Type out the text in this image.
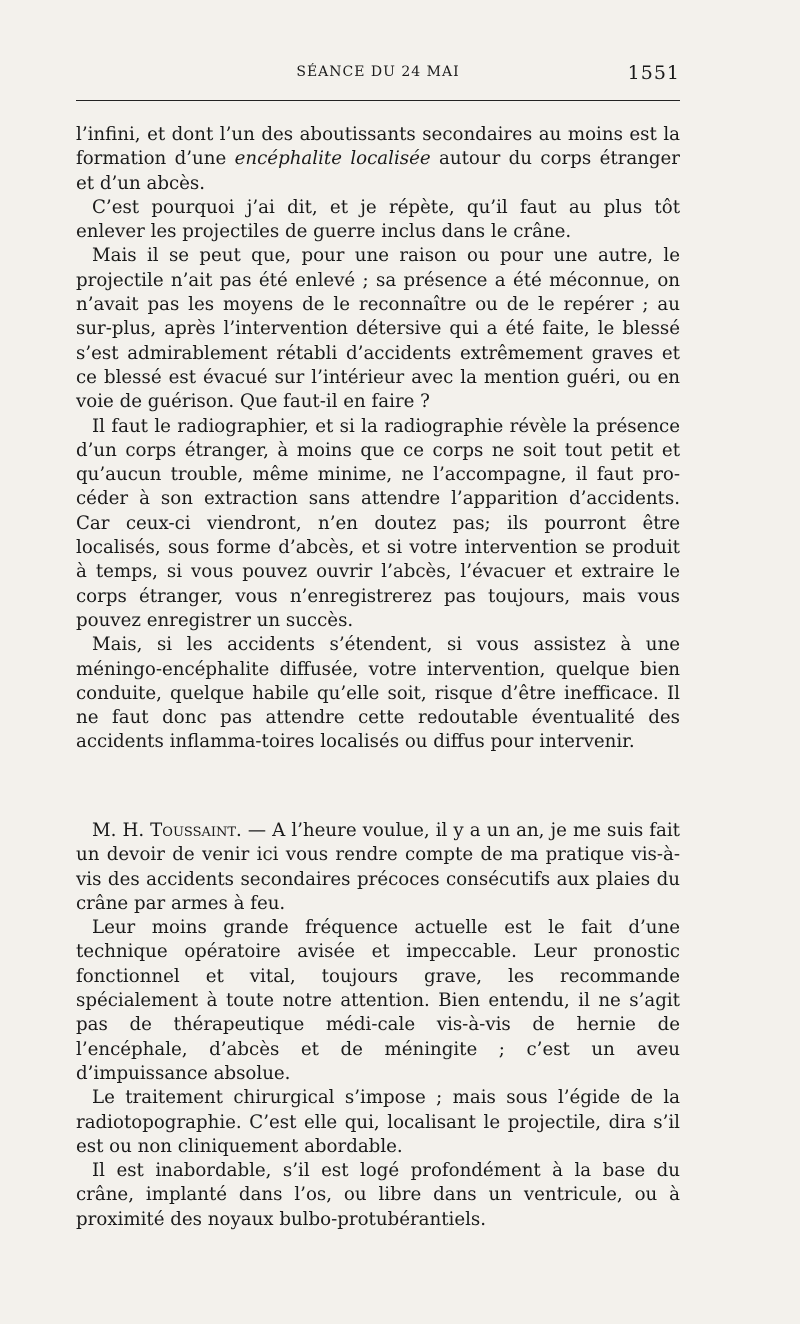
SÉANCE DU 24 MAI	1551

l’infini, et dont l’un des aboutissants secondaires au moins est la formation d’une encéphalite localisée autour du corps étranger et d’un abcès.

C’est pourquoi j’ai dit, et je répète, qu’il faut au plus tôt enlever les projectiles de guerre inclus dans le crâne.

Mais il se peut que, pour une raison ou pour une autre, le projectile n’ait pas été enlevé ; sa présence a été méconnue, on n’avait pas les moyens de le reconnaître ou de le repérer ; au sur-plus, après l’intervention détersive qui a été faite, le blessé s’est admirablement rétabli d’accidents extrêmement graves et ce blessé est évacué sur l’intérieur avec la mention guéri, ou en voie de guérison. Que faut-il en faire ?

Il faut le radiographier, et si la radiographie révèle la présence d’un corps étranger, à moins que ce corps ne soit tout petit et qu’aucun trouble, même minime, ne l’accompagne, il faut pro-céder à son extraction sans attendre l’apparition d’accidents. Car ceux-ci viendront, n’en doutez pas; ils pourront être localisés, sous forme d’abcès, et si votre intervention se produit à temps, si vous pouvez ouvrir l’abcès, l’évacuer et extraire le corps étranger, vous n’enregistrerez pas toujours, mais vous pouvez enregistrer un succès.

Mais, si les accidents s’étendent, si vous assistez à une méningo-encéphalite diffusée, votre intervention, quelque bien conduite, quelque habile qu’elle soit, risque d’être inefficace. Il ne faut donc pas attendre cette redoutable éventualité des accidents inflamma-toires localisés ou diffus pour intervenir.

M. H. Toussaint. — A l’heure voulue, il y a un an, je me suis fait un devoir de venir ici vous rendre compte de ma pratique vis-à-vis des accidents secondaires précoces consécutifs aux plaies du crâne par armes à feu.

Leur moins grande fréquence actuelle est le fait d’une technique opératoire avisée et impeccable. Leur pronostic fonctionnel et vital, toujours grave, les recommande spécialement à toute notre attention. Bien entendu, il ne s’agit pas de thérapeutique médi-cale vis-à-vis de hernie de l’encéphale, d’abcès et de méningite ; c’est un aveu d’impuissance absolue.

Le traitement chirurgical s’impose ; mais sous l’égide de la radiotopographie. C’est elle qui, localisant le projectile, dira s’il est ou non cliniquement abordable.

Il est inabordable, s’il est logé profondément à la base du crâne, implanté dans l’os, ou libre dans un ventricule, ou à proximité des noyaux bulbo-protubérantiels.
